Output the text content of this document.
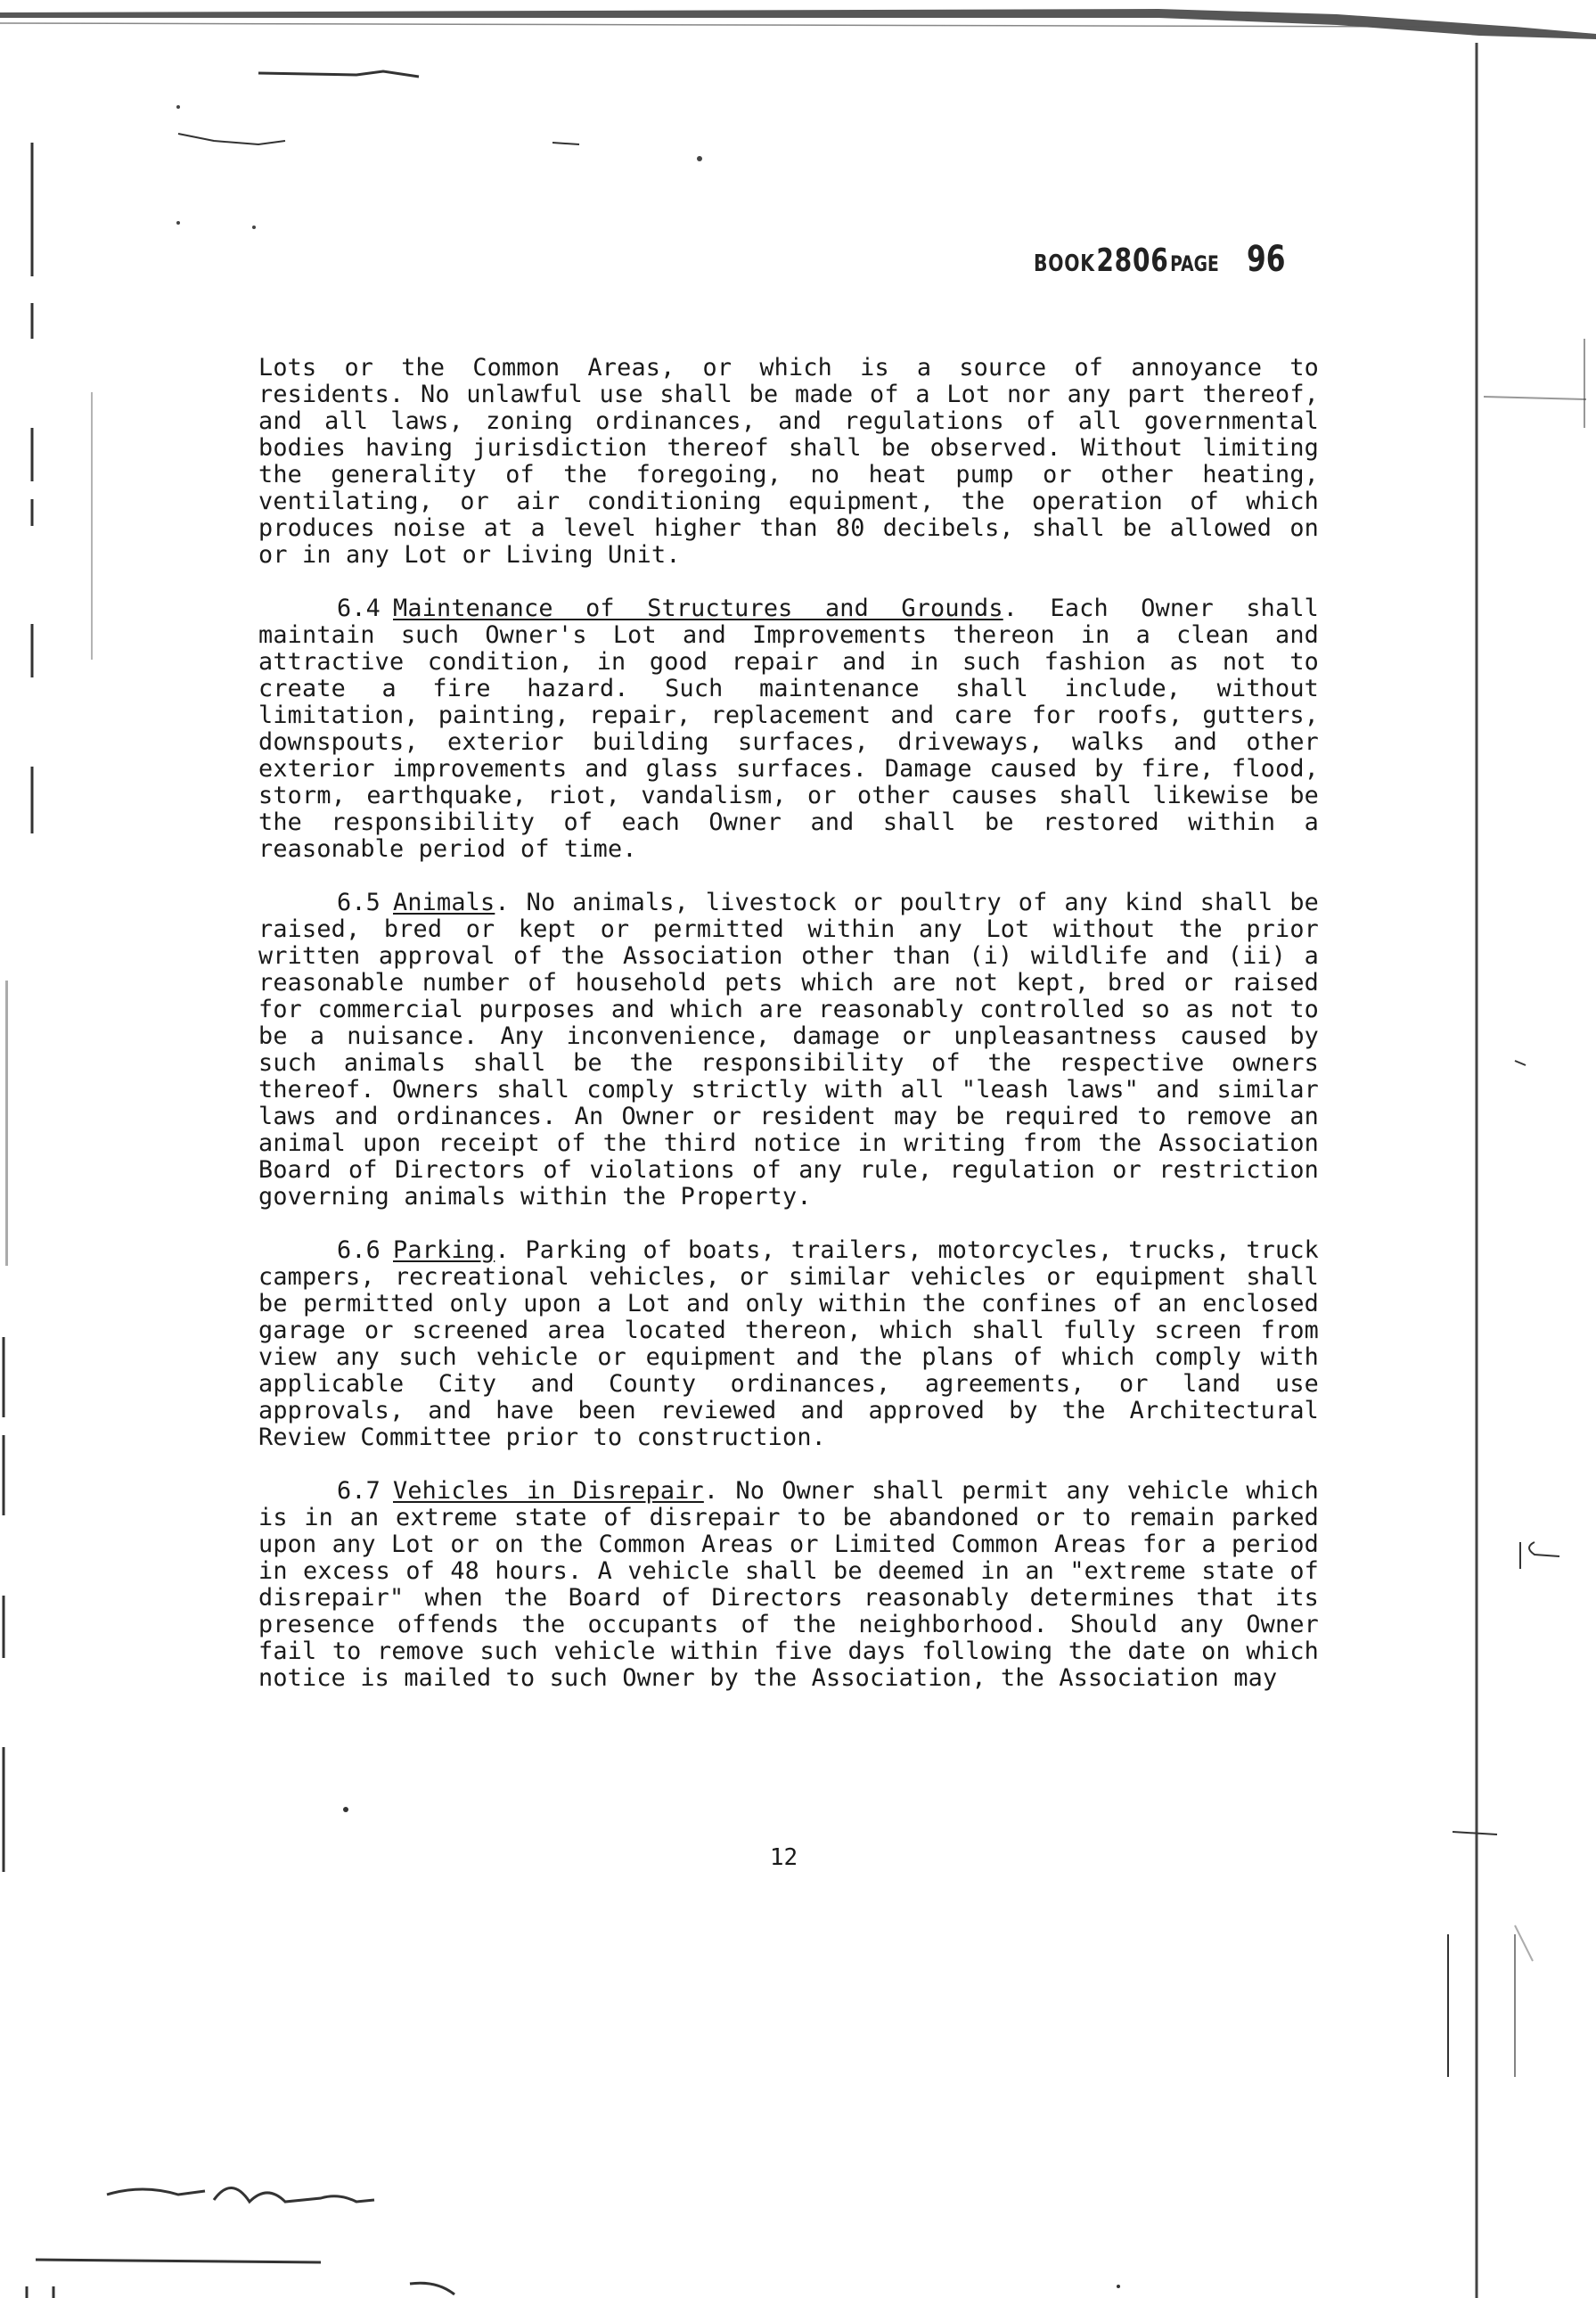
BOOK2806PAGE 96

Lots or the Common Areas, or which is a source of annoyance to residents. No unlawful use shall be made of a Lot nor any part thereof, and all laws, zoning ordinances, and regulations of all governmental bodies having jurisdiction thereof shall be observed. Without limiting the generality of the foregoing, no heat pump or other heating, ventilating, or air conditioning equipment, the operation of which produces noise at a level higher than 80 decibels, shall be allowed on or in any Lot or Living Unit.

6.4 Maintenance of Structures and Grounds. Each Owner shall maintain such Owner's Lot and Improvements thereon in a clean and attractive condition, in good repair and in such fashion as not to create a fire hazard. Such maintenance shall include, without limitation, painting, repair, replacement and care for roofs, gutters, downspouts, exterior building surfaces, driveways, walks and other exterior improvements and glass surfaces. Damage caused by fire, flood, storm, earthquake, riot, vandalism, or other causes shall likewise be the responsibility of each Owner and shall be restored within a reasonable period of time.

6.5 Animals. No animals, livestock or poultry of any kind shall be raised, bred or kept or permitted within any Lot without the prior written approval of the Association other than (i) wildlife and (ii) a reasonable number of household pets which are not kept, bred or raised for commercial purposes and which are reasonably controlled so as not to be a nuisance. Any inconvenience, damage or unpleasantness caused by such animals shall be the responsibility of the respective owners thereof. Owners shall comply strictly with all "leash laws" and similar laws and ordinances. An Owner or resident may be required to remove an animal upon receipt of the third notice in writing from the Association Board of Directors of violations of any rule, regulation or restriction governing animals within the Property.

6.6 Parking. Parking of boats, trailers, motorcycles, trucks, truck campers, recreational vehicles, or similar vehicles or equipment shall be permitted only upon a Lot and only within the confines of an enclosed garage or screened area located thereon, which shall fully screen from view any such vehicle or equipment and the plans of which comply with applicable City and County ordinances, agreements, or land use approvals, and have been reviewed and approved by the Architectural Review Committee prior to construction.

6.7 Vehicles in Disrepair. No Owner shall permit any vehicle which is in an extreme state of disrepair to be abandoned or to remain parked upon any Lot or on the Common Areas or Limited Common Areas for a period in excess of 48 hours. A vehicle shall be deemed in an "extreme state of disrepair" when the Board of Directors reasonably determines that its presence offends the occupants of the neighborhood. Should any Owner fail to remove such vehicle within five days following the date on which notice is mailed to such Owner by the Association, the Association may

12
